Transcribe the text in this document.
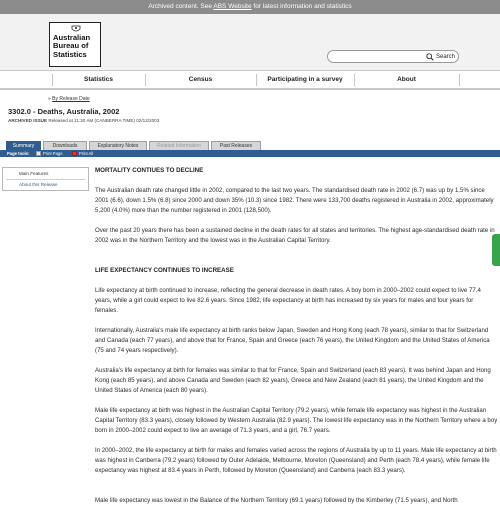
Archived content. See ABS Website for latest information and statistics
Australian
Bureau of
Statistics	Search
Statistics	Census	Participating in a survey	About
» By Release Date
3302.0 - Deaths, Australia, 2002
ARCHIVED ISSUE Released at 11:30 AM (CANBERRA TIME) 02/12/2003
Summary	Downloads	Explanatory Notes	Related Information	Past Releases
Page tools:	Print Page	Print All
Main Features
About this Release
MORTALITY CONTIUES TO DECLINE

The Australian death rate changed little in 2002, compared to the last two years. The standardised death rate in 2002 (6.7) was up by 1.5% since 2001 (6.6), down 1.5% (6.8) since 2000 and down 35% (10.3) since 1982. There were 133,700 deaths registered in Australia in 2002, approximately 5,200 (4.0%) more than the number registered in 2001 (128,500).

Over the past 20 years there has been a sustained decline in the death rates for all states and territories. The highest age-standardised death rate in 2002 was in the Northern Territory and the lowest was in the Australian Capital Territory.

LIFE EXPECTANCY CONTINUES TO INCREASE

Life expectancy at birth continued to increase, reflecting the general decrease in death rates. A boy born in 2000–2002 could expect to live 77.4 years, while a girl could expect to live 82.6 years. Since 1982, life expectancy at birth has increased by six years for males and four years for females.

Internationally, Australia's male life expectancy at birth ranks below Japan, Sweden and Hong Kong (each 78 years), similar to that for Switzerland and Canada (each 77 years), and above that for France, Spain and Greece (each 76 years), the United Kingdom and the United States of America (75 and 74 years respectively).

Australia's life expectancy at birth for females was similar to that for France, Spain and Switzerland (each 83 years). It was behind Japan and Hong Kong (each 85 years), and above Canada and Sweden (each 82 years), Greece and New Zealand (each 81 years), the United Kingdom and the United States of America (each 80 years).

Male life expectancy at birth was highest in the Australian Capital Territory (79.2 years), while female life expectancy was highest in the Australian Capital Territory (83.3 years), closely followed by Western Australia (82.9 years). The lowest life expectancy was in the Northern Territory where a boy born in 2000–2002 could expect to live an average of 71.3 years, and a girl, 76.7 years.

In 2000–2002, the life expectancy at birth for males and females varied across the regions of Australia by up to 11 years. Male life expectancy at birth was highest in Canberra (79.2 years) followed by Outer Adelaide, Melbourne, Moreton (Queensland) and Perth (each 78.4 years), while female life expectancy was highest at 83.4 years in Perth, followed by Moreton (Queensland) and Canberra (each 83.3 years).

Male life expectancy was lowest in the Balance of the Northern Territory (69.1 years) followed by the Kimberley (71.5 years), and North
